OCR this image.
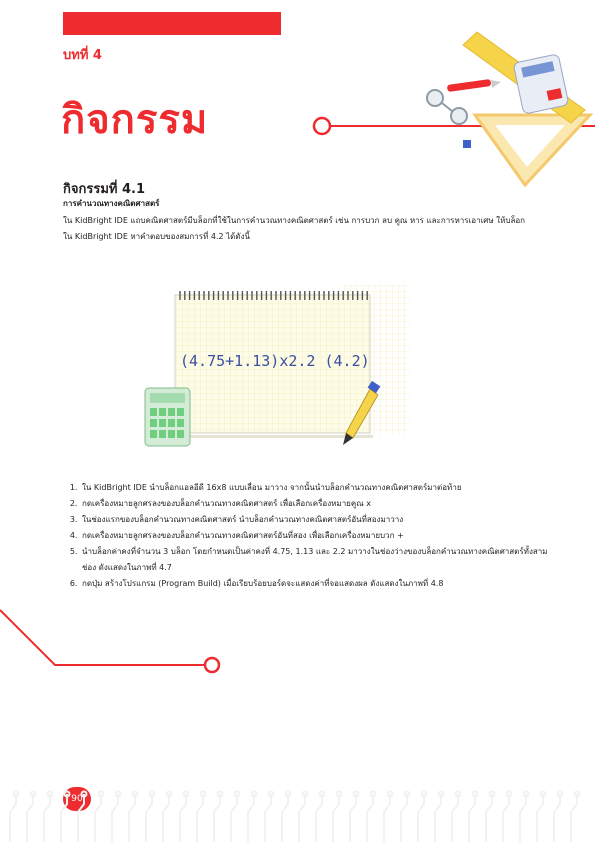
บทที่ 4
กิจกรรม
กิจกรรมที่ 4.1
การคำนวณทางคณิตศาสตร์
ใน KidBright IDE แถบคณิตศาสตร์มีบล็อกที่ใช้ในการคำนวณทางคณิตศาสตร์ เช่น การบวก ลบ คูณ หาร และการหารเอาเศษ ให้บล็อกใน KidBright IDE หาคำตอบของสมการที่ 4.2 ได้ดังนี้
(4.75+1.13)x2.2 (4.2)
1. ใน KidBright IDE นำบล็อกแอลอีดี 16x8 แบบเลื่อน มาวาง จากนั้นนำบล็อกคำนวณทางคณิตศาสตร์มาต่อท้าย
2. กดเครื่องหมายลูกศรลงของบล็อกคำนวณทางคณิตศาสตร์ เพื่อเลือกเครื่องหมายคูณ x
3. ในช่องแรกของบล็อกคำนวณทางคณิตศาสตร์ นำบล็อกคำนวณทางคณิตศาสตร์อันที่สองมาวาง
4. กดเครื่องหมายลูกศรลงของบล็อกคำนวณทางคณิตศาสตร์อันที่สอง เพื่อเลือกเครื่องหมายบวก +
5. นำบล็อกค่าคงที่จำนวน 3 บล็อก โดยกำหนดเป็นค่าคงที่ 4.75, 1.13 และ 2.2 มาวางในช่องว่างของบล็อกคำนวณทางคณิตศาสตร์ทั้งสามช่อง ดังแสดงในภาพที่ 4.7
6. กดปุ่ม สร้างโปรแกรม (Program Build) เมื่อเรียบร้อยบอร์ดจะแสดงค่าที่จอแสดงผล ดังแสดงในภาพที่ 4.8
90
